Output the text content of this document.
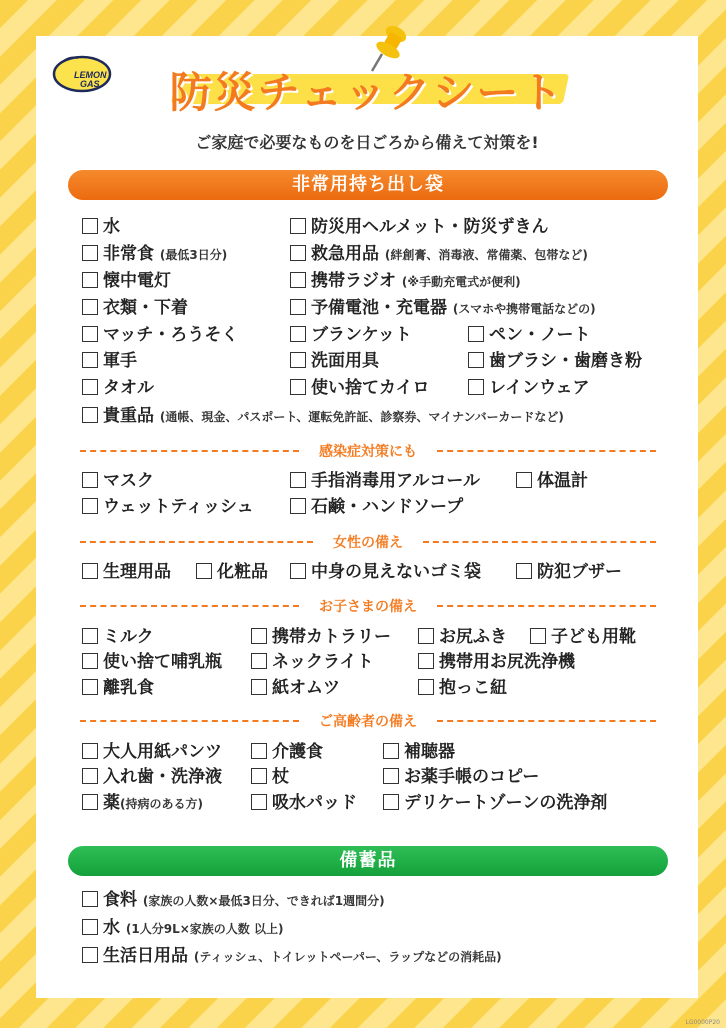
LEMON
GAS	防災チェックシート
ご家庭で必要なものを日ごろから備えて対策を!
非常用持ち出し袋
水	防災用ヘルメット・防災ずきん
非常食 (最低3日分)	救急用品 (絆創膏、消毒液、常備薬、包帯など)
懐中電灯	携帯ラジオ (※手動充電式が便利)
衣類・下着	予備電池・充電器 (スマホや携帯電話などの)
マッチ・ろうそく	ブランケット	ペン・ノート
軍手	洗面用具	歯ブラシ・歯磨き粉
タオル	使い捨てカイロ	レインウェア
貴重品 (通帳、現金、パスポート、運転免許証、診察券、マイナンバーカードなど)
感染症対策にも
マスク	手指消毒用アルコール	体温計
ウェットティッシュ	石鹸・ハンドソープ
女性の備え
生理用品	化粧品	中身の見えないゴミ袋	防犯ブザー
お子さまの備え
ミルク	携帯カトラリー	お尻ふき	子ども用靴
使い捨て哺乳瓶	ネックライト	携帯用お尻洗浄機
離乳食	紙オムツ	抱っこ紐
ご高齢者の備え
大人用紙パンツ	介護食	補聴器
入れ歯・洗浄液	杖	お薬手帳のコピー
薬(持病のある方)	吸水パッド	デリケートゾーンの洗浄剤
備蓄品
食料 (家族の人数×最低3日分、できれば1週間分)
水 (1人分9L×家族の人数 以上)
生活日用品 (ティッシュ、トイレットペーパー、ラップなどの消耗品)
LG0000P20
